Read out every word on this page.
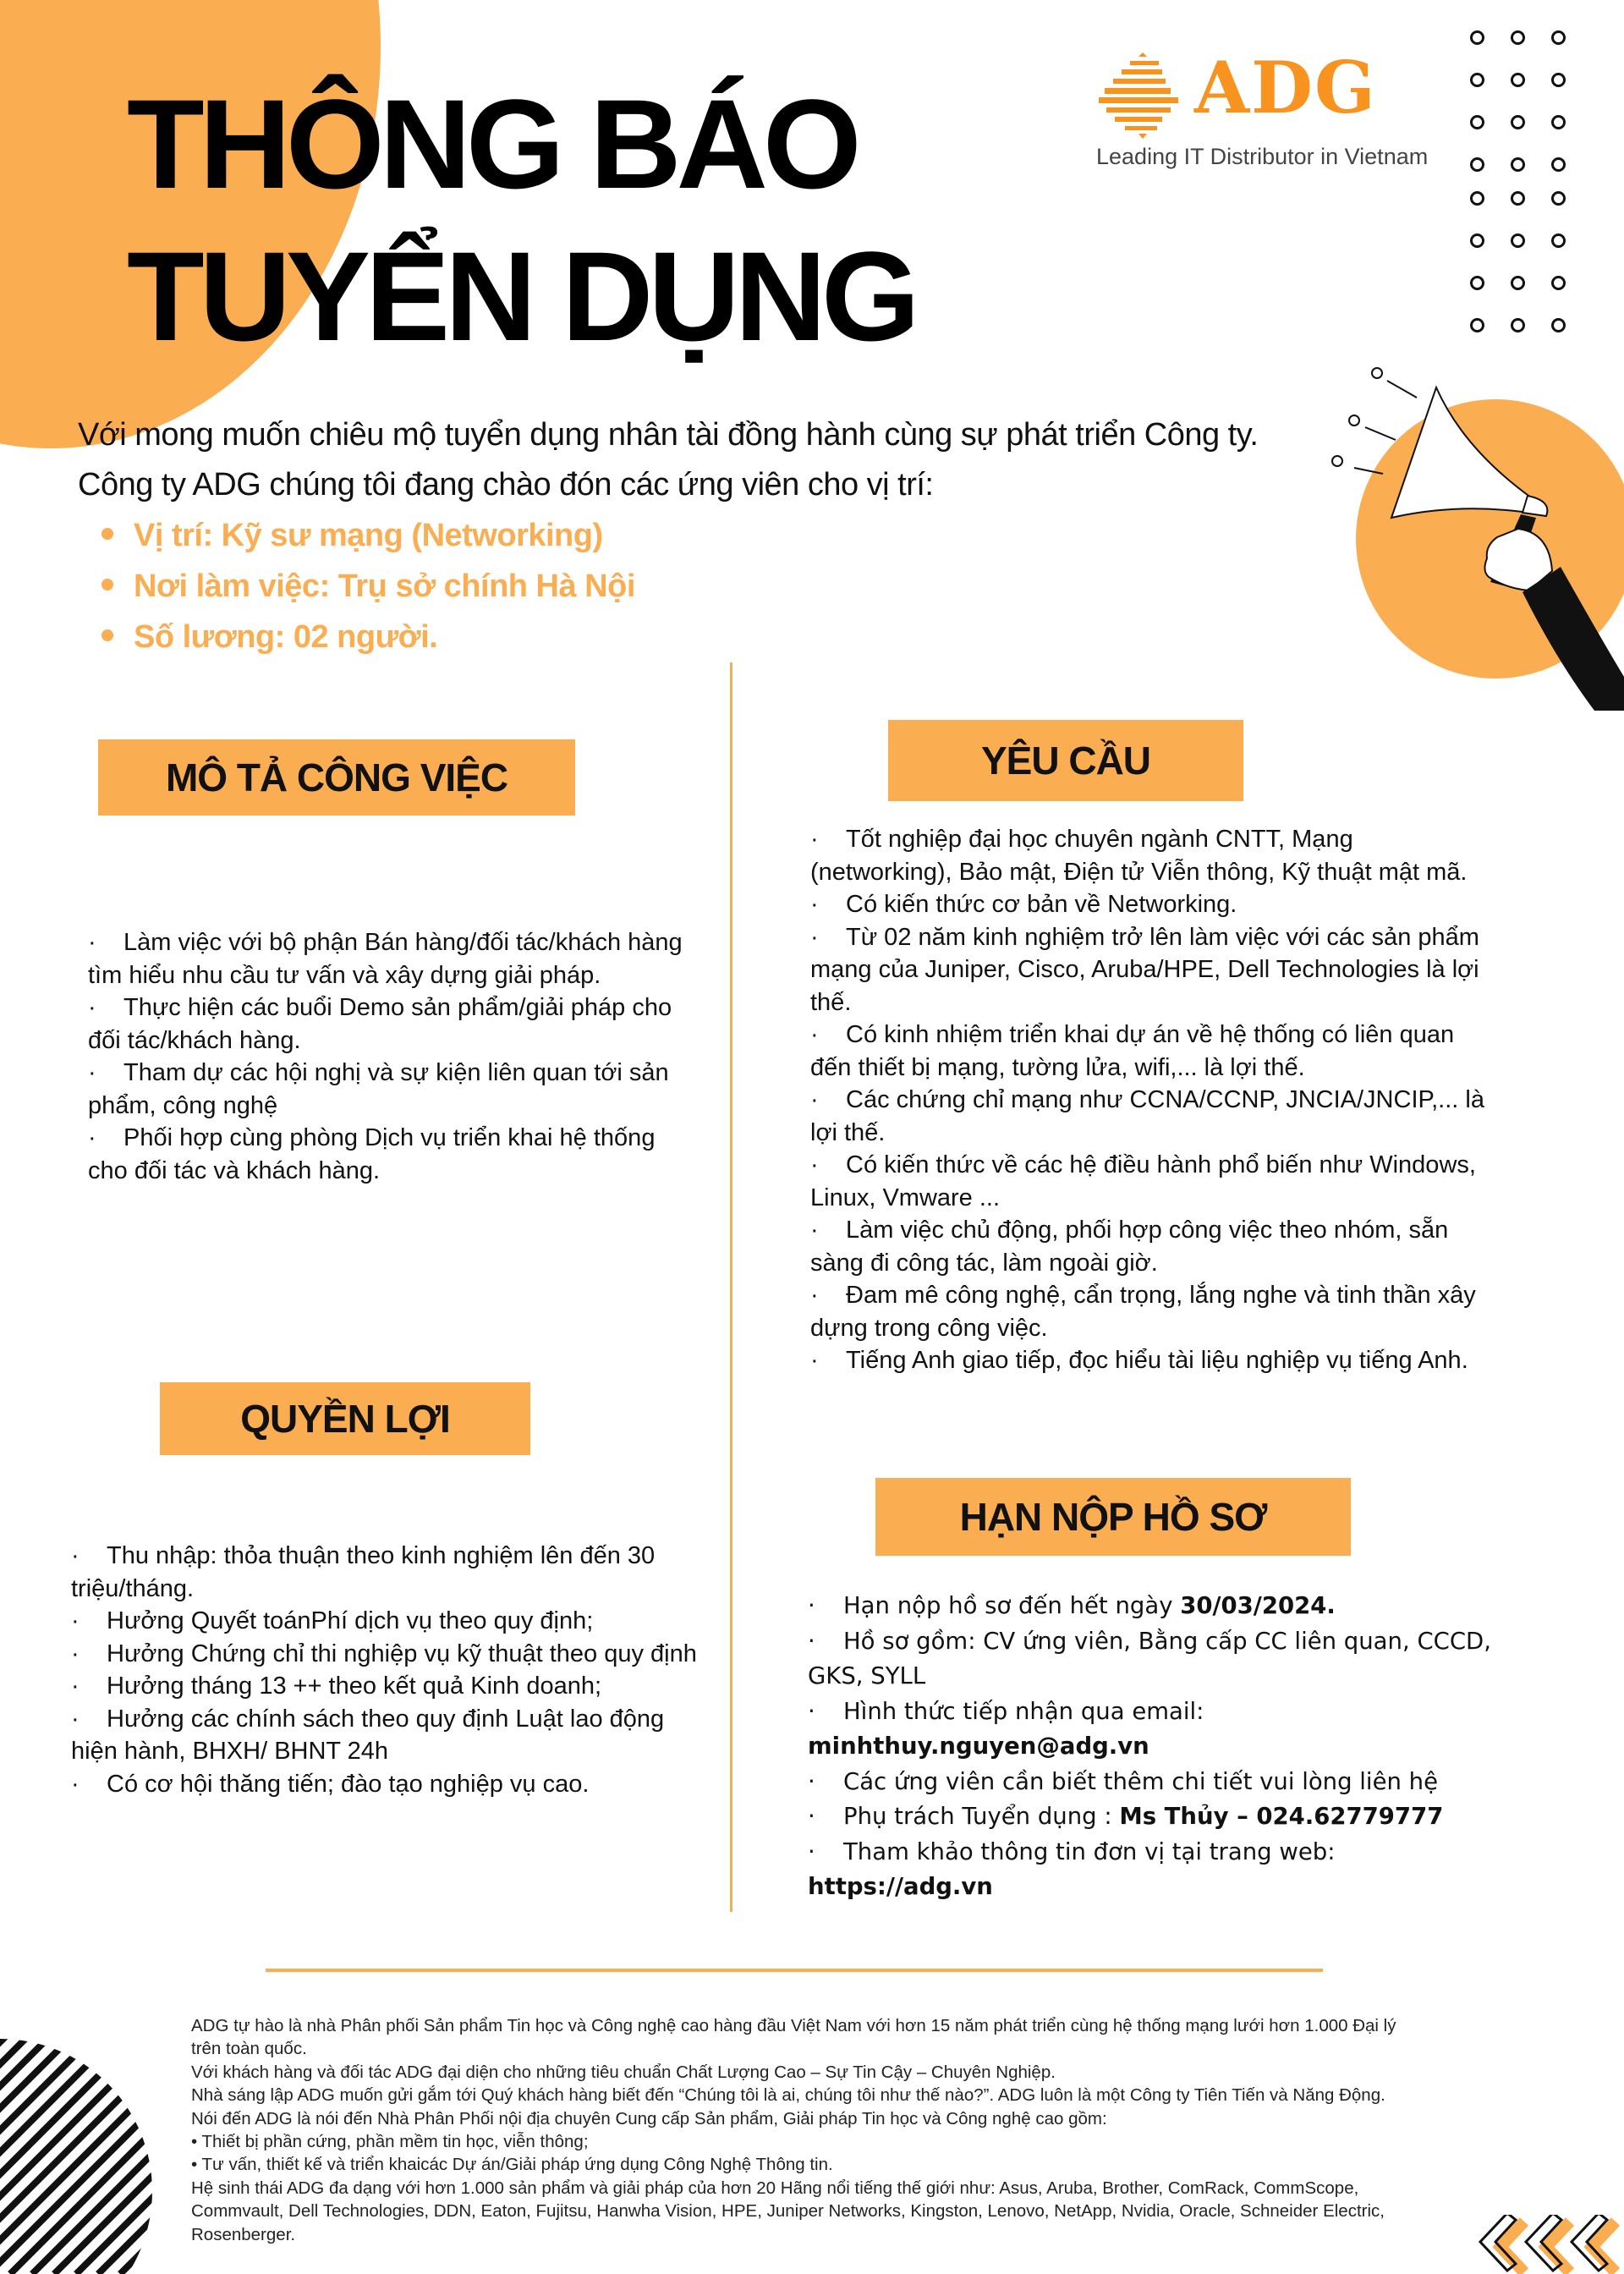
ADG
Leading IT Distributor in Vietnam
THÔNG BÁO
TUYỂN DỤNG
Với mong muốn chiêu mộ tuyển dụng nhân tài đồng hành cùng sự phát triển Công ty.
Công ty ADG chúng tôi đang chào đón các ứng viên cho vị trí:
Vị trí: Kỹ sư mạng (Networking)
Nơi làm việc: Trụ sở chính Hà Nội
Số lương: 02 người.
MÔ TẢ CÔNG VIỆC

· Làm việc với bộ phận Bán hàng/đối tác/khách hàng tìm hiểu nhu cầu tư vấn và xây dựng giải pháp.

· Thực hiện các buổi Demo sản phẩm/giải pháp cho đối tác/khách hàng.

· Tham dự các hội nghị và sự kiện liên quan tới sản phẩm, công nghệ

· Phối hợp cùng phòng Dịch vụ triển khai hệ thống cho đối tác và khách hàng.

YÊU CẦU

· Tốt nghiệp đại học chuyên ngành CNTT, Mạng (networking), Bảo mật, Điện tử Viễn thông, Kỹ thuật mật mã.

· Có kiến thức cơ bản về Networking.

· Từ 02 năm kinh nghiệm trở lên làm việc với các sản phẩm mạng của Juniper, Cisco, Aruba/HPE, Dell Technologies là lợi thế.

· Có kinh nhiệm triển khai dự án về hệ thống có liên quan đến thiết bị mạng, tường lửa, wifi,... là lợi thế.

· Các chứng chỉ mạng như CCNA/CCNP, JNCIA/JNCIP,... là lợi thế.

· Có kiến thức về các hệ điều hành phổ biến như Windows, Linux, Vmware ...

· Làm việc chủ động, phối hợp công việc theo nhóm, sẵn sàng đi công tác, làm ngoài giờ.

· Đam mê công nghệ, cẩn trọng, lắng nghe và tinh thần xây dựng trong công việc.

· Tiếng Anh giao tiếp, đọc hiểu tài liệu nghiệp vụ tiếng Anh.

QUYỀN LỢI

· Thu nhập: thỏa thuận theo kinh nghiệm lên đến 30 triệu/tháng.

· Hưởng Quyết toánPhí dịch vụ theo quy định;

· Hưởng Chứng chỉ thi nghiệp vụ kỹ thuật theo quy định

· Hưởng tháng 13 ++ theo kết quả Kinh doanh;

· Hưởng các chính sách theo quy định Luật lao động hiện hành, BHXH/ BHNT 24h

· Có cơ hội thăng tiến; đào tạo nghiệp vụ cao.

HẠN NỘP HỒ SƠ

· Hạn nộp hồ sơ đến hết ngày 30/03/2024.

· Hồ sơ gồm: CV ứng viên, Bằng cấp CC liên quan, CCCD, GKS, SYLL

· Hình thức tiếp nhận qua email:

minhthuy.nguyen@adg.vn

· Các ứng viên cần biết thêm chi tiết vui lòng liên hệ

· Phụ trách Tuyển dụng : Ms Thủy – 024.62779777

· Tham khảo thông tin đơn vị tại trang web:

https://adg.vn

ADG tự hào là nhà Phân phối Sản phẩm Tin học và Công nghệ cao hàng đầu Việt Nam với hơn 15 năm phát triển cùng hệ thống mạng lưới hơn 1.000 Đại lý

trên toàn quốc.

Với khách hàng và đối tác ADG đại diện cho những tiêu chuẩn Chất Lượng Cao – Sự Tin Cậy – Chuyên Nghiệp.

Nhà sáng lập ADG muốn gửi gắm tới Quý khách hàng biết đến “Chúng tôi là ai, chúng tôi như thế nào?”. ADG luôn là một Công ty Tiên Tiến và Năng Động.

Nói đến ADG là nói đến Nhà Phân Phối nội địa chuyên Cung cấp Sản phẩm, Giải pháp Tin học và Công nghệ cao gồm:

• Thiết bị phần cứng, phần mềm tin học, viễn thông;

• Tư vấn, thiết kế và triển khaicác Dự án/Giải pháp ứng dụng Công Nghệ Thông tin.

Hệ sinh thái ADG đa dạng với hơn 1.000 sản phẩm và giải pháp của hơn 20 Hãng nổi tiếng thế giới như: Asus, Aruba, Brother, ComRack, CommScope,

Commvault, Dell Technologies, DDN, Eaton, Fujitsu, Hanwha Vision, HPE, Juniper Networks, Kingston, Lenovo, NetApp, Nvidia, Oracle, Schneider Electric,

Rosenberger.
